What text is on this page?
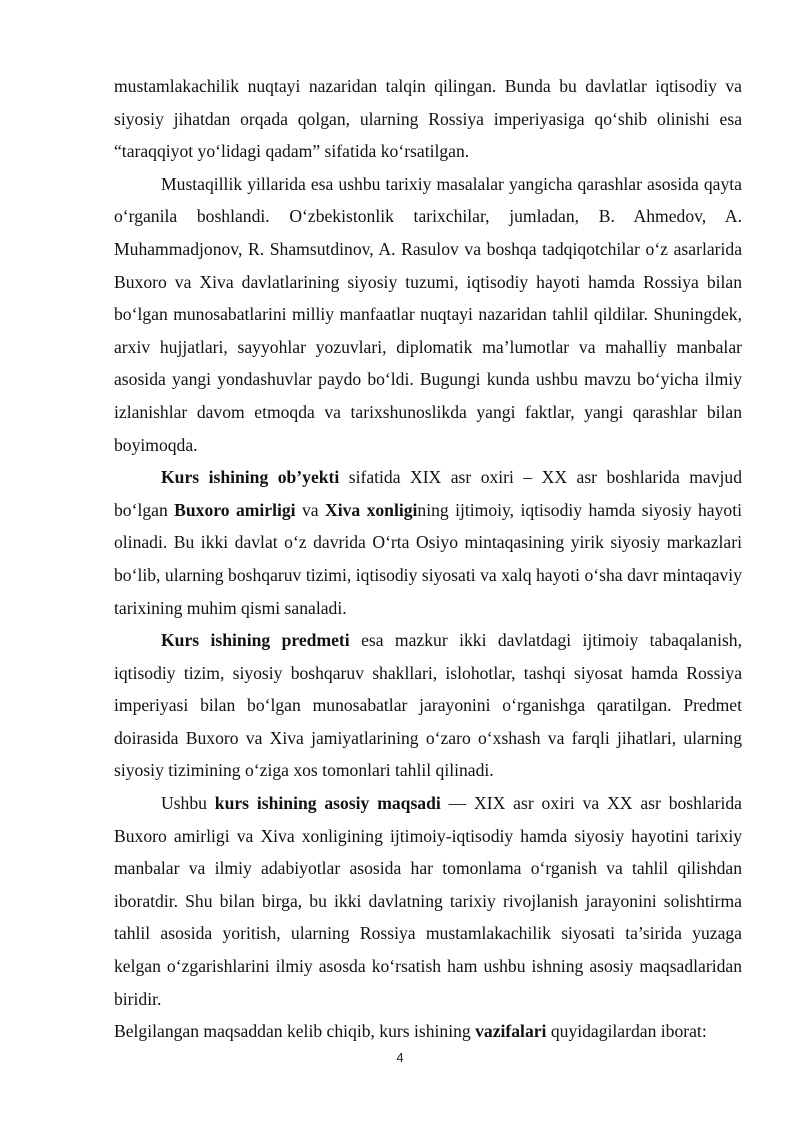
mustamlakachilik nuqtayi nazaridan talqin qilingan. Bunda bu davlatlar iqtisodiy va siyosiy jihatdan orqada qolgan, ularning Rossiya imperiyasiga qo‘shib olinishi esa “taraqqiyot yo‘lidagi qadam” sifatida ko‘rsatilgan.

Mustaqillik yillarida esa ushbu tarixiy masalalar yangicha qarashlar asosida qayta o‘rganila boshlandi. O‘zbekistonlik tarixchilar, jumladan, B. Ahmedov, A. Muhammadjonov, R. Shamsutdinov, A. Rasulov va boshqa tadqiqotchilar o‘z asarlarida Buxoro va Xiva davlatlarining siyosiy tuzumi, iqtisodiy hayoti hamda Rossiya bilan bo‘lgan munosabatlarini milliy manfaatlar nuqtayi nazaridan tahlil qildilar. Shuningdek, arxiv hujjatlari, sayyohlar yozuvlari, diplomatik ma’lumotlar va mahalliy manbalar asosida yangi yondashuvlar paydo bo‘ldi. Bugungi kunda ushbu mavzu bo‘yicha ilmiy izlanishlar davom etmoqda va tarixshunoslikda yangi faktlar, yangi qarashlar bilan boyimoqda.

Kurs ishining ob’yekti sifatida XIX asr oxiri – XX asr boshlarida mavjud bo‘lgan Buxoro amirligi va Xiva xonligining ijtimoiy, iqtisodiy hamda siyosiy hayoti olinadi. Bu ikki davlat o‘z davrida O‘rta Osiyo mintaqasining yirik siyosiy markazlari bo‘lib, ularning boshqaruv tizimi, iqtisodiy siyosati va xalq hayoti o‘sha davr mintaqaviy tarixining muhim qismi sanaladi.

Kurs ishining predmeti esa mazkur ikki davlatdagi ijtimoiy tabaqalanish, iqtisodiy tizim, siyosiy boshqaruv shakllari, islohotlar, tashqi siyosat hamda Rossiya imperiyasi bilan bo‘lgan munosabatlar jarayonini o‘rganishga qaratilgan. Predmet doirasida Buxoro va Xiva jamiyatlarining o‘zaro o‘xshash va farqli jihatlari, ularning siyosiy tizimining o‘ziga xos tomonlari tahlil qilinadi.

Ushbu kurs ishining asosiy maqsadi — XIX asr oxiri va XX asr boshlarida Buxoro amirligi va Xiva xonligining ijtimoiy-iqtisodiy hamda siyosiy hayotini tarixiy manbalar va ilmiy adabiyotlar asosida har tomonlama o‘rganish va tahlil qilishdan iboratdir. Shu bilan birga, bu ikki davlatning tarixiy rivojlanish jarayonini solishtirma tahlil asosida yoritish, ularning Rossiya mustamlakachilik siyosati ta’sirida yuzaga kelgan o‘zgarishlarini ilmiy asosda ko‘rsatish ham ushbu ishning asosiy maqsadlaridan biridir.

Belgilangan maqsaddan kelib chiqib, kurs ishining vazifalari quyidagilardan iborat:

4
